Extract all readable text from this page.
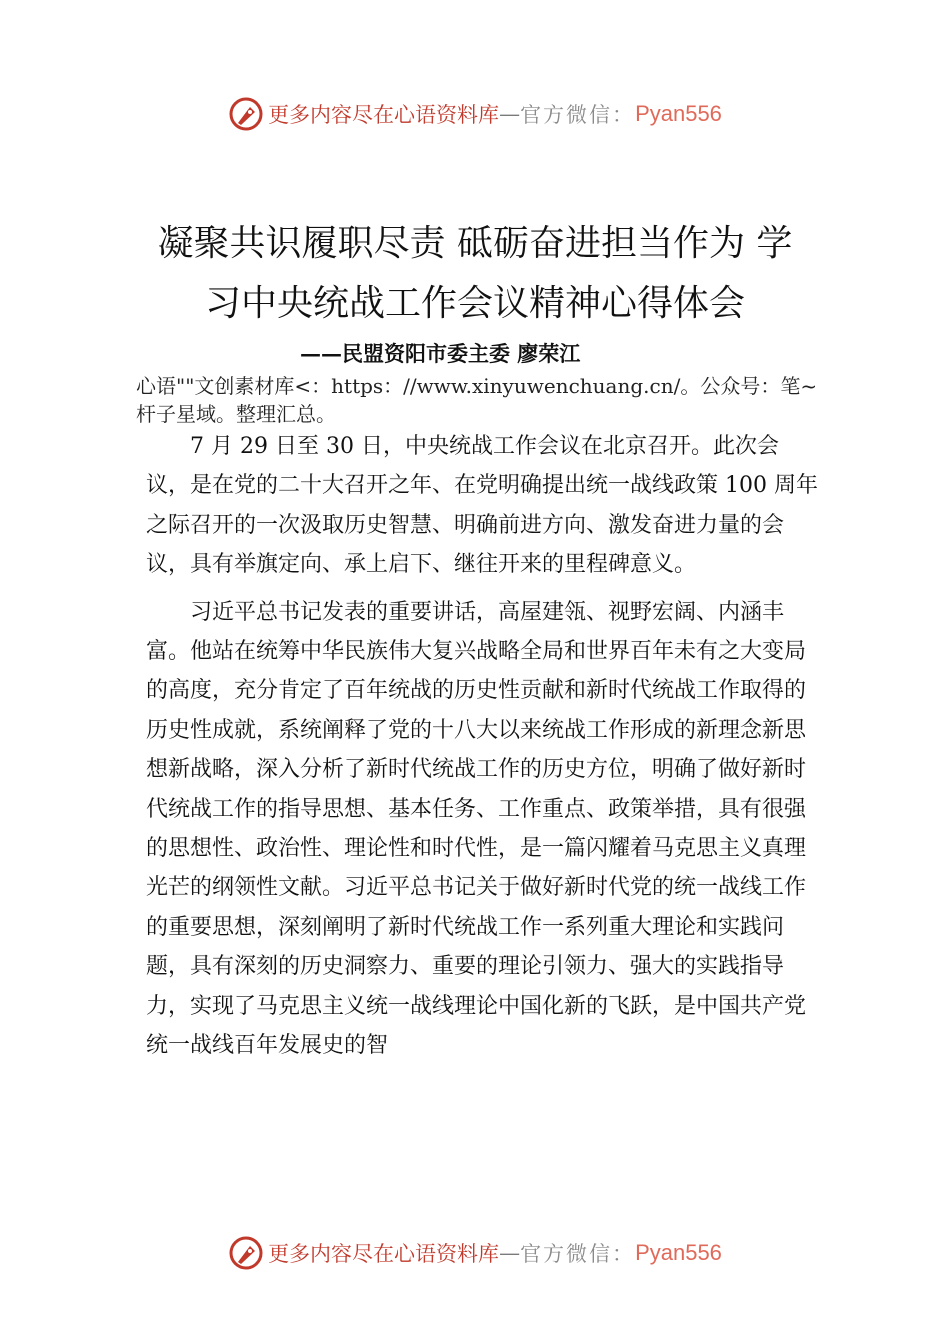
更多内容尽在心语资料库 — 官方微信： Pyan556
凝聚共识履职尽责 砥砺奋进担当作为 学
习中央统战工作会议精神心得体会
——民盟资阳市委主委 廖荣江
心语""文创素材库<：https：//www.xinyuwenchuang.cn/。公众号：笔~杆子星域。整理汇总。

7 月 29 日至 30 日，中央统战工作会议在北京召开。此次会议，是在党的二十大召开之年、在党明确提出统一战线政策 100 周年之际召开的一次汲取历史智慧、明确前进方向、激发奋进力量的会议，具有举旗定向、承上启下、继往开来的里程碑意义。

习近平总书记发表的重要讲话，高屋建瓴、视野宏阔、内涵丰富。他站在统筹中华民族伟大复兴战略全局和世界百年未有之大变局的高度，充分肯定了百年统战的历史性贡献和新时代统战工作取得的历史性成就，系统阐释了党的十八大以来统战工作形成的新理念新思想新战略，深入分析了新时代统战工作的历史方位，明确了做好新时代统战工作的指导思想、基本任务、工作重点、政策举措，具有很强的思想性、政治性、理论性和时代性，是一篇闪耀着马克思主义真理光芒的纲领性文献。习近平总书记关于做好新时代党的统一战线工作的重要思想，深刻阐明了新时代统战工作一系列重大理论和实践问题，具有深刻的历史洞察力、重要的理论引领力、强大的实践指导力，实现了马克思主义统一战线理论中国化新的飞跃，是中国共产党统一战线百年发展史的智

更多内容尽在心语资料库 — 官方微信： Pyan556
